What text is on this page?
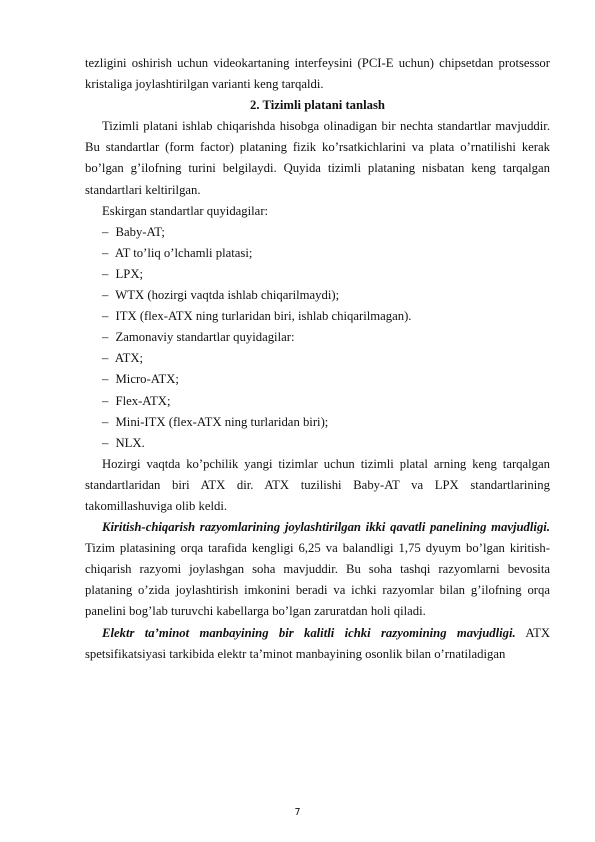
tezligini oshirish uchun videokartaning interfeysini (PCI-E uchun) chipsetdan protsessor kristaliga joylashtirilgan varianti keng tarqaldi.

2. Tizimli platani tanlash

Tizimli platani ishlab chiqarishda hisobga olinadigan bir nechta standartlar mavjuddir. Bu standartlar (form factor) plataning fizik ko’rsatkichlarini va plata o’rnatilishi kerak bo’lgan g’ilofning turini belgilaydi. Quyida tizimli plataning nisbatan keng tarqalgan standartlari keltirilgan.

Eskirgan standartlar quyidagilar:

– Baby-AT;

– AT to’liq o’lchamli platasi;

– LPX;

– WTX (hozirgi vaqtda ishlab chiqarilmaydi);

– ITX (flex-ATX ning turlaridan biri, ishlab chiqarilmagan).

– Zamonaviy standartlar quyidagilar:

– ATX;

– Micro-ATX;

– Flex-ATX;

– Mini-ITX (flex-ATX ning turlaridan biri);

– NLX.

Hozirgi vaqtda ko’pchilik yangi tizimlar uchun tizimli platal arning keng tarqalgan standartlaridan biri ATX dir. ATX tuzilishi Baby-AT va LPX standartlarining takomillashuviga olib keldi.

Kiritish-chiqarish razyomlarining joylashtirilgan ikki qavatli panelining mavjudligi. Tizim platasining orqa tarafida kengligi 6,25 va balandligi 1,75 dyuym bo’lgan kiritish-chiqarish razyomi joylashgan soha mavjuddir. Bu soha tashqi razyomlarni bevosita plataning o’zida joylashtirish imkonini beradi va ichki razyomlar bilan g’ilofning orqa panelini bog’lab turuvchi kabellarga bo’lgan zaruratdan holi qiladi.

Elektr ta’minot manbayining bir kalitli ichki razyomining mavjudligi. ATX spetsifikatsiyasi tarkibida elektr ta’minot manbayining osonlik bilan o’rnatiladigan

7
